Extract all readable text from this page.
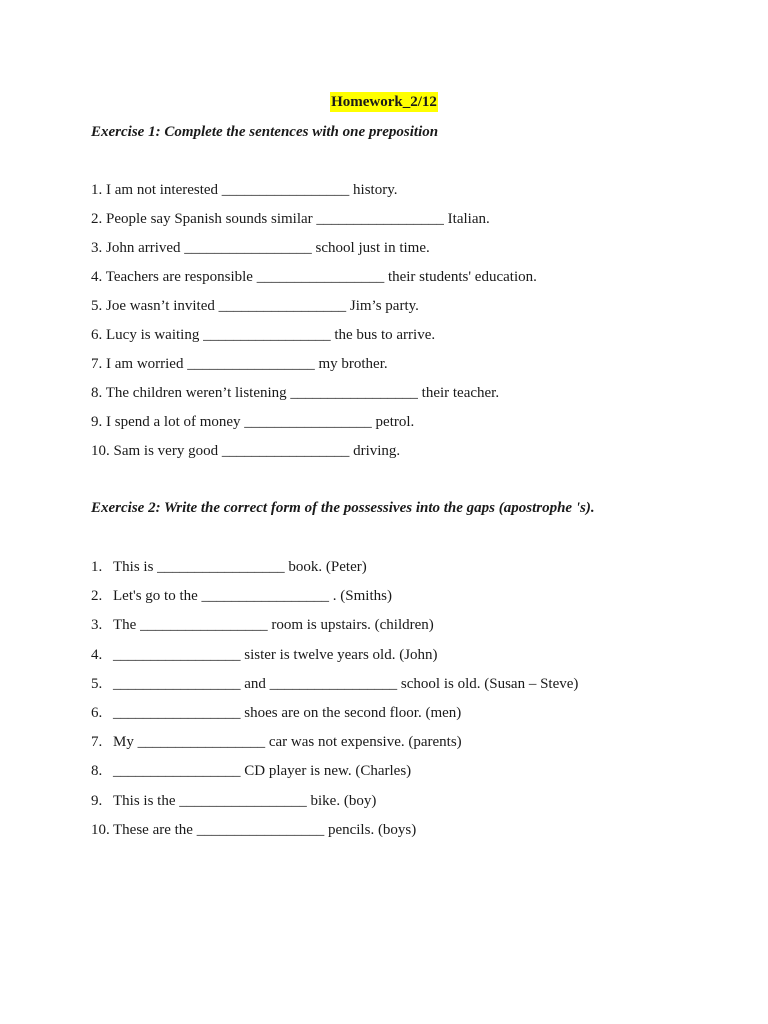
Homework_2/12
Exercise 1: Complete the sentences with one preposition
1. I am not interested _________________ history.
2. People say Spanish sounds similar _________________ Italian.
3. John arrived _________________ school just in time.
4. Teachers are responsible _________________ their students' education.
5. Joe wasn’t invited _________________ Jim’s party.
6. Lucy is waiting _________________ the bus to arrive.
7. I am worried _________________ my brother.
8. The children weren’t listening _________________ their teacher.
9. I spend a lot of money _________________ petrol.
10. Sam is very good _________________ driving.
Exercise 2: Write the correct form of the possessives into the gaps (apostrophe 's).
1. This is _________________ book. (Peter)
2. Let's go to the _________________ . (Smiths)
3. The _________________ room is upstairs. (children)
4. _________________ sister is twelve years old. (John)
5. _________________ and _________________ school is old. (Susan – Steve)
6. _________________ shoes are on the second floor. (men)
7. My _________________ car was not expensive. (parents)
8. _________________ CD player is new. (Charles)
9. This is the _________________ bike. (boy)
10. These are the _________________ pencils. (boys)
